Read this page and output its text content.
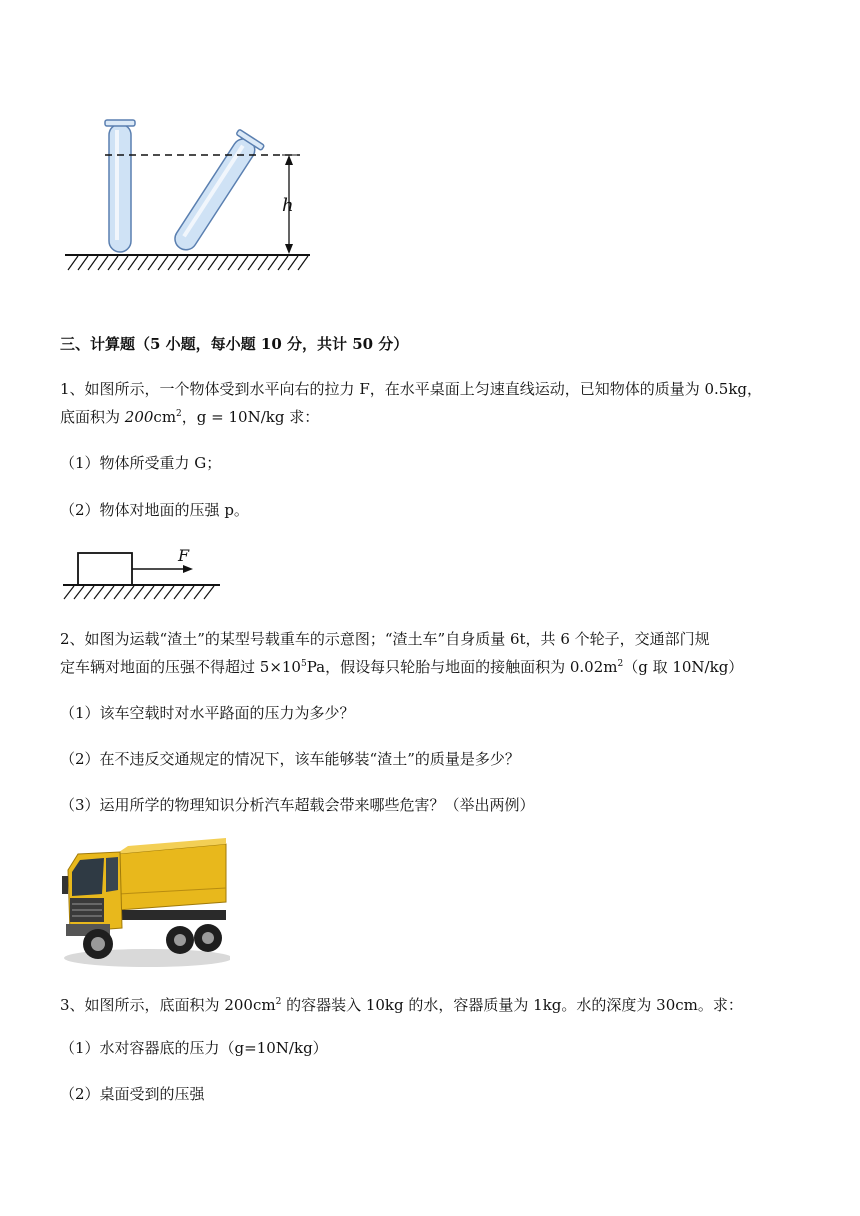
h
三、计算题（5 小题，每小题 10 分，共计 50 分）
1、如图所示，一个物体受到水平向右的拉力 F，在水平桌面上匀速直线运动，已知物体的质量为 0.5kg，
底面积为 $200cm^2$，g = 10N/kg 求：
（1）物体所受重力 G；
（2）物体对地面的压强 p。
F
2、如图为运载“渣土”的某型号载重车的示意图；“渣土车”自身质量 6t，共 6 个轮子，交通部门规
定车辆对地面的压强不得超过 $5\times 10^5Pa$，假设每只轮胎与地面的接触面积为 $0.02m^2(g$ 取 10N/kg）
（1）该车空载时对水平路面的压力为多少？
（2）在不违反交通规定的情况下，该车能够装“渣土”的质量是多少？
（3）运用所学的物理知识分析汽车超载会带来哪些危害？（举出两例）
3、如图所示，底面积为 $200cm^2$ 的容器装入 10kg 的水，容器质量为 1kg。水的深度为 30cm。求：
（1）水对容器底的压力（g=10N/kg）
（2）桌面受到的压强
